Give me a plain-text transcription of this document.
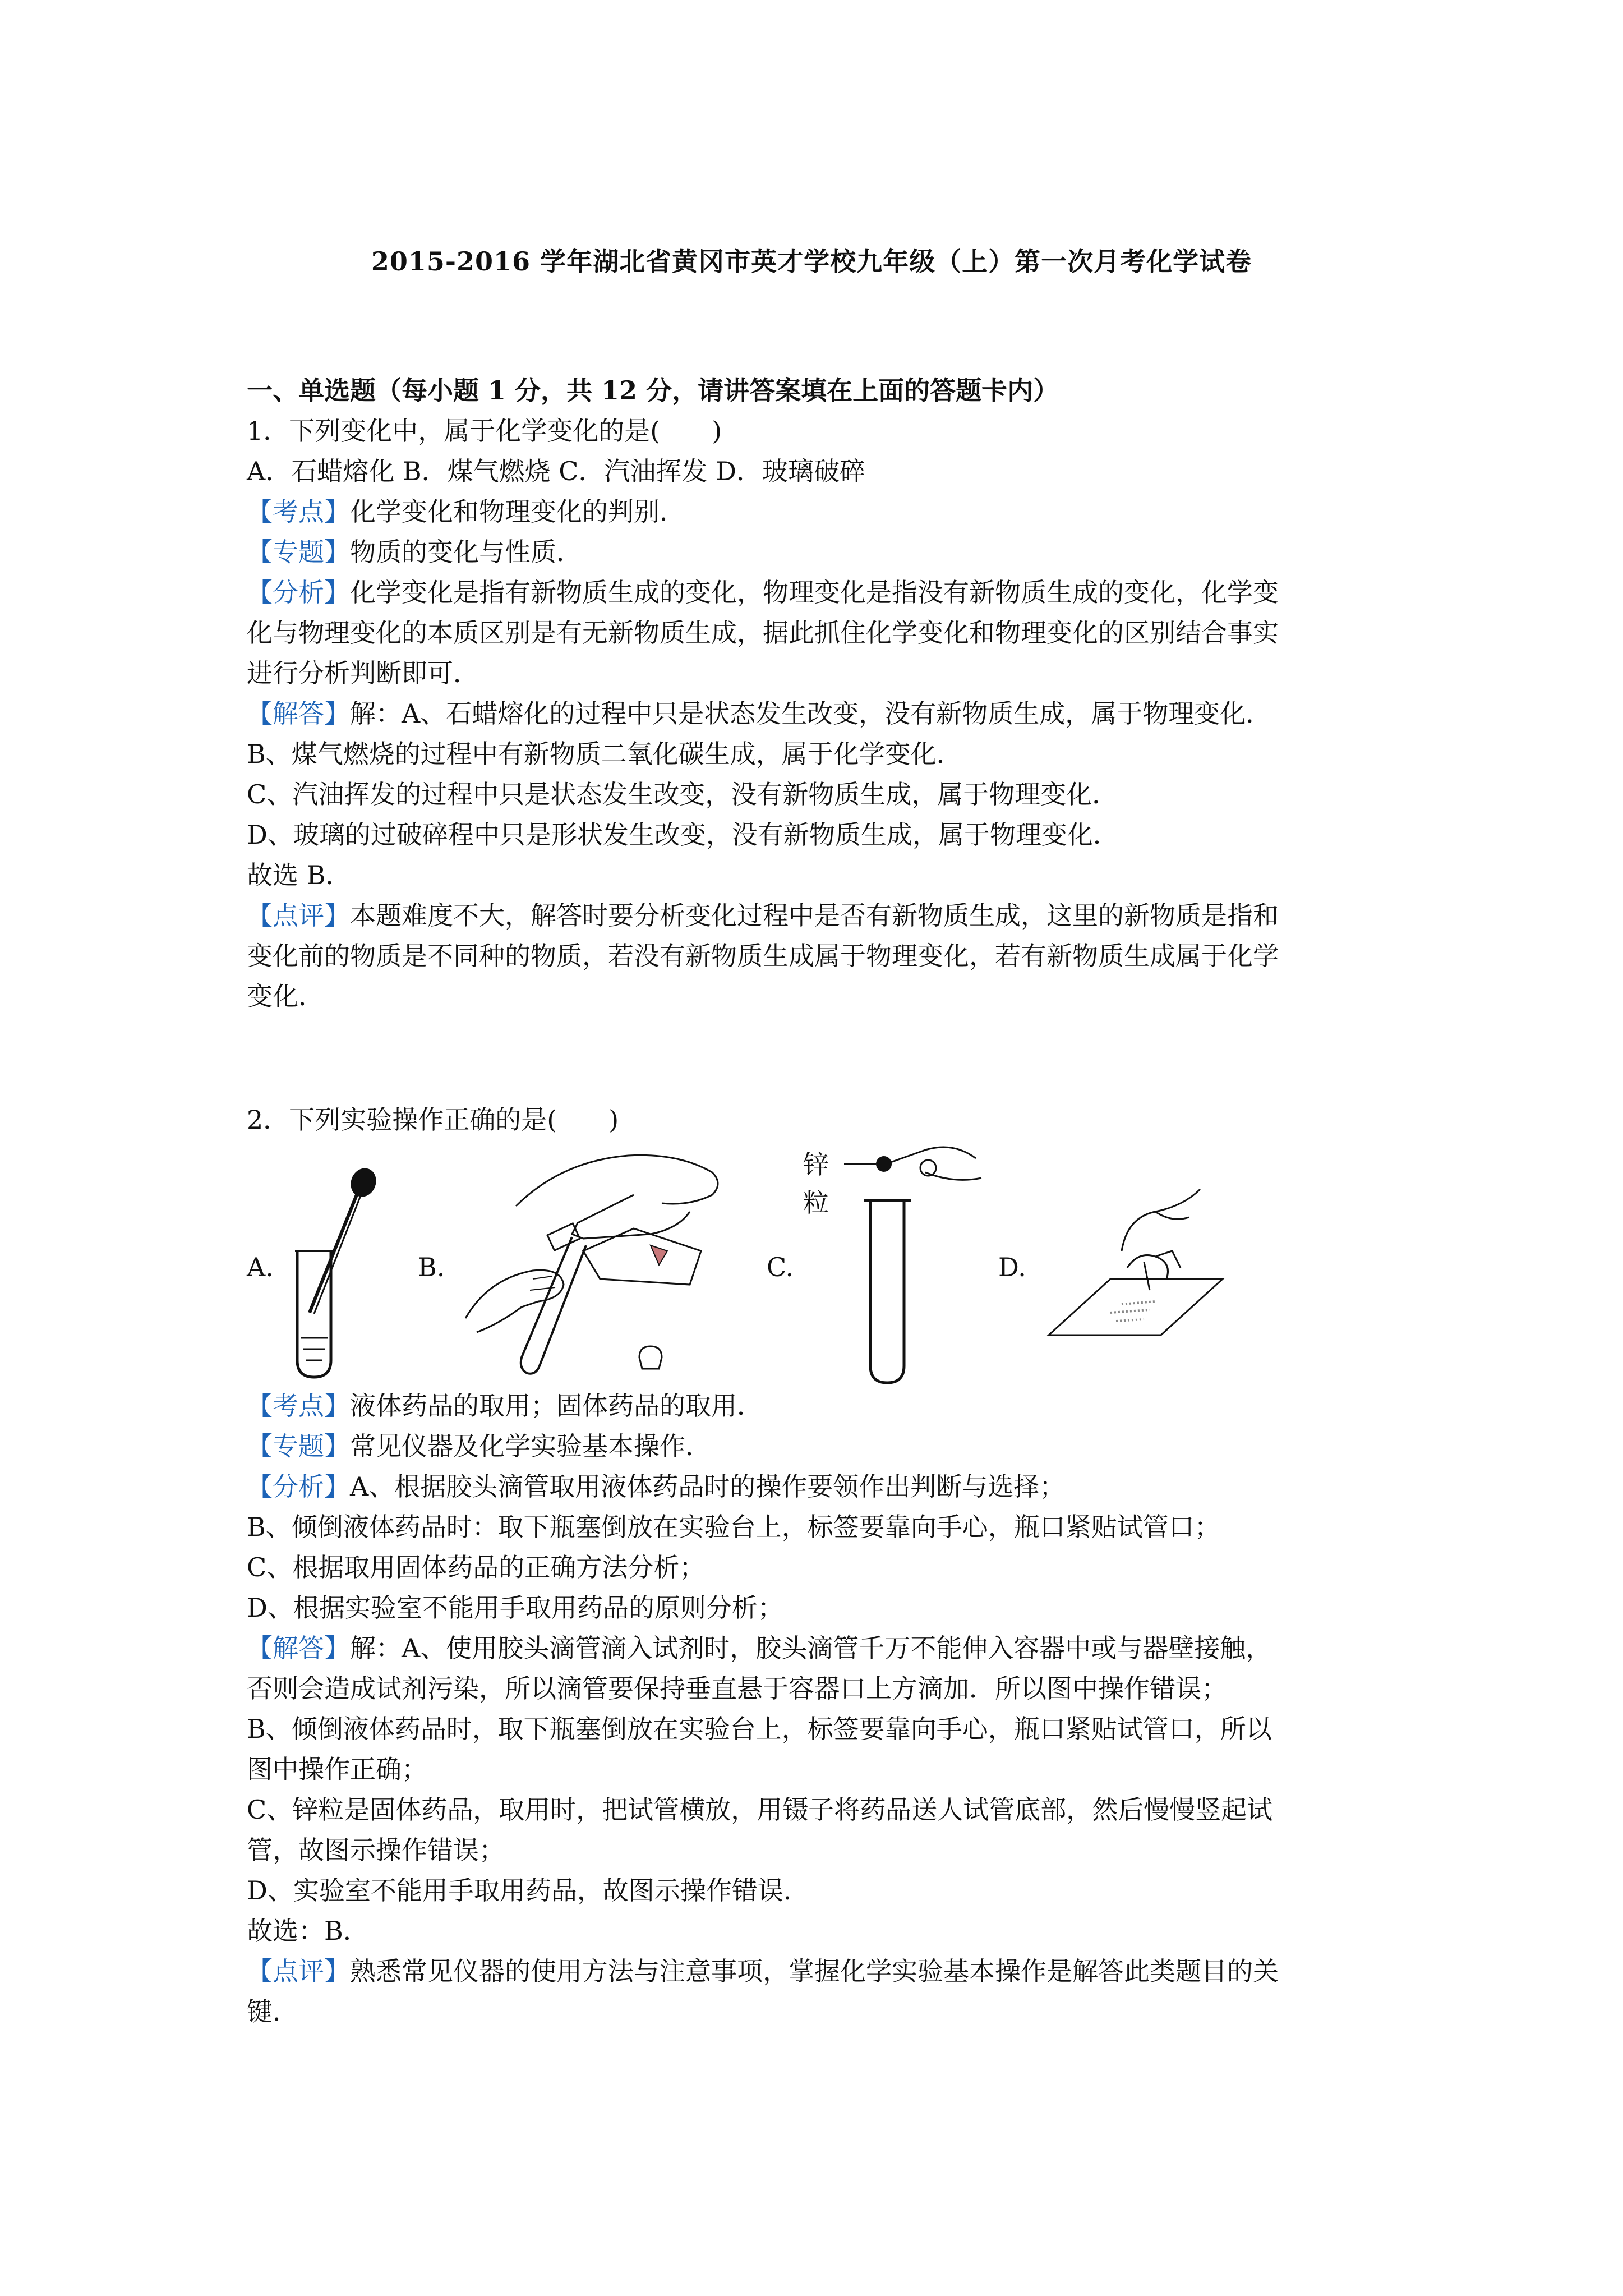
2015-2016 学年湖北省黄冈市英才学校九年级（上）第一次月考化学试卷
一、单选题（每小题 1 分，共 12 分，请讲答案填在上面的答题卡内）
1．下列变化中，属于化学变化的是(　　)
A．石蜡熔化 B．煤气燃烧 C．汽油挥发 D．玻璃破碎
【考点】化学变化和物理变化的判别．
【专题】物质的变化与性质．
【分析】化学变化是指有新物质生成的变化，物理变化是指没有新物质生成的变化，化学变
化与物理变化的本质区别是有无新物质生成，据此抓住化学变化和物理变化的区别结合事实
进行分析判断即可．
【解答】解：A、石蜡熔化的过程中只是状态发生改变，没有新物质生成，属于物理变化．
B、煤气燃烧的过程中有新物质二氧化碳生成，属于化学变化．
C、汽油挥发的过程中只是状态发生改变，没有新物质生成，属于物理变化．
D、玻璃的过破碎程中只是形状发生改变，没有新物质生成，属于物理变化．
故选 B．
【点评】本题难度不大，解答时要分析变化过程中是否有新物质生成，这里的新物质是指和
变化前的物质是不同种的物质，若没有新物质生成属于物理变化，若有新物质生成属于化学
变化．
2．下列实验操作正确的是(　　)
A.	B.	C.	D.
锌
粒
【考点】液体药品的取用；固体药品的取用．
【专题】常见仪器及化学实验基本操作．
【分析】A、根据胶头滴管取用液体药品时的操作要领作出判断与选择；
B、倾倒液体药品时：取下瓶塞倒放在实验台上，标签要靠向手心，瓶口紧贴试管口；
C、根据取用固体药品的正确方法分析；
D、根据实验室不能用手取用药品的原则分析；
【解答】解：A、使用胶头滴管滴入试剂时，胶头滴管千万不能伸入容器中或与器壁接触，
否则会造成试剂污染，所以滴管要保持垂直悬于容器口上方滴加．所以图中操作错误；
B、倾倒液体药品时，取下瓶塞倒放在实验台上，标签要靠向手心，瓶口紧贴试管口，所以
图中操作正确；
C、锌粒是固体药品，取用时，把试管横放，用镊子将药品送人试管底部，然后慢慢竖起试
管，故图示操作错误；
D、实验室不能用手取用药品，故图示操作错误．
故选：B．
【点评】熟悉常见仪器的使用方法与注意事项，掌握化学实验基本操作是解答此类题目的关
键．
